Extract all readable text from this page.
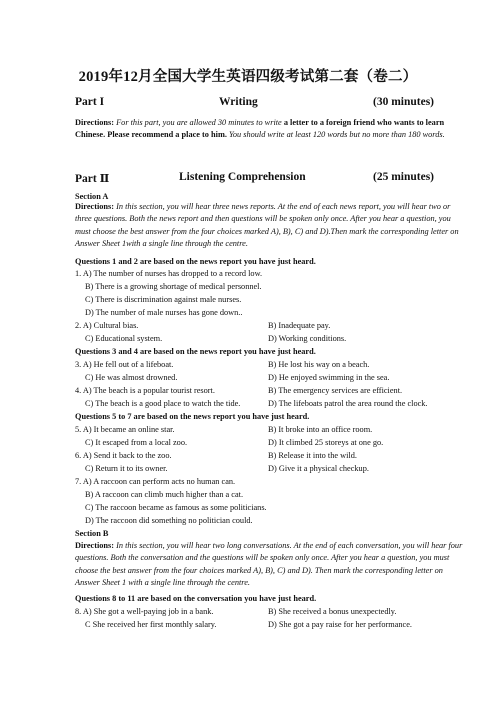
2019年12月全国大学生英语四级考试第二套（卷二）
Part I	Writing	(30 minutes)
Directions: For this part, you are allowed 30 minutes to write a letter to a foreign friend who wants to learn Chinese. Please recommend a place to him. You should write at least 120 words but no more than 180 words.
Part Ⅱ	Listening Comprehension	(25 minutes)
Section A
Directions: In this section, you will hear three news reports. At the end of each news report, you will hear two or three questions. Both the news report and then questions will be spoken only once. After you hear a question, you must choose the best answer from the four choices marked A), B), C) and D).Then mark the corresponding letter on Answer Sheet 1with a single line through the centre.
Questions 1 and 2 are based on the news report you have just heard.
1. A) The number of nurses has dropped to a record low.
B) There is a growing shortage of medical personnel.
C) There is discrimination against male nurses.
D) The number of male nurses has gone down..
2. A) Cultural bias.	B) Inadequate pay.
C) Educational system.	D) Working conditions.
Questions 3 and 4 are based on the news report you have just heard.
3. A) He fell out of a lifeboat.	B) He lost his way on a beach.
C) He was almost drowned.	D) He enjoyed swimming in the sea.
4. A) The beach is a popular tourist resort.	B) The emergency services are efficient.
C) The beach is a good place to watch the tide.	D) The lifeboats patrol the area round the clock.
Questions 5 to 7 are based on the news report you have just heard.
5. A) It became an online star.	B) It broke into an office room.
C) It escaped from a local zoo.	D) It climbed 25 storeys at one go.
6. A) Send it back to the zoo.	B) Release it into the wild.
C) Return it to its owner.	D) Give it a physical checkup.
7. A) A raccoon can perform acts no human can.
B) A raccoon can climb much higher than a cat.
C) The raccoon became as famous as some politicians.
D) The raccoon did something no politician could.
Section B
Directions: In this section, you will hear two long conversations. At the end of each conversation, you will hear four questions. Both the conversation and the questions will be spoken only once. After you hear a question, you must choose the best answer from the four choices marked A), B), C) and D). Then mark the corresponding letter on Answer Sheet 1 with a single line through the centre.
Questions 8 to 11 are based on the conversation you have just heard.
8. A) She got a well-paying job in a bank.	B) She received a bonus unexpectedly.
C She received her first monthly salary.	D) She got a pay raise for her performance.
